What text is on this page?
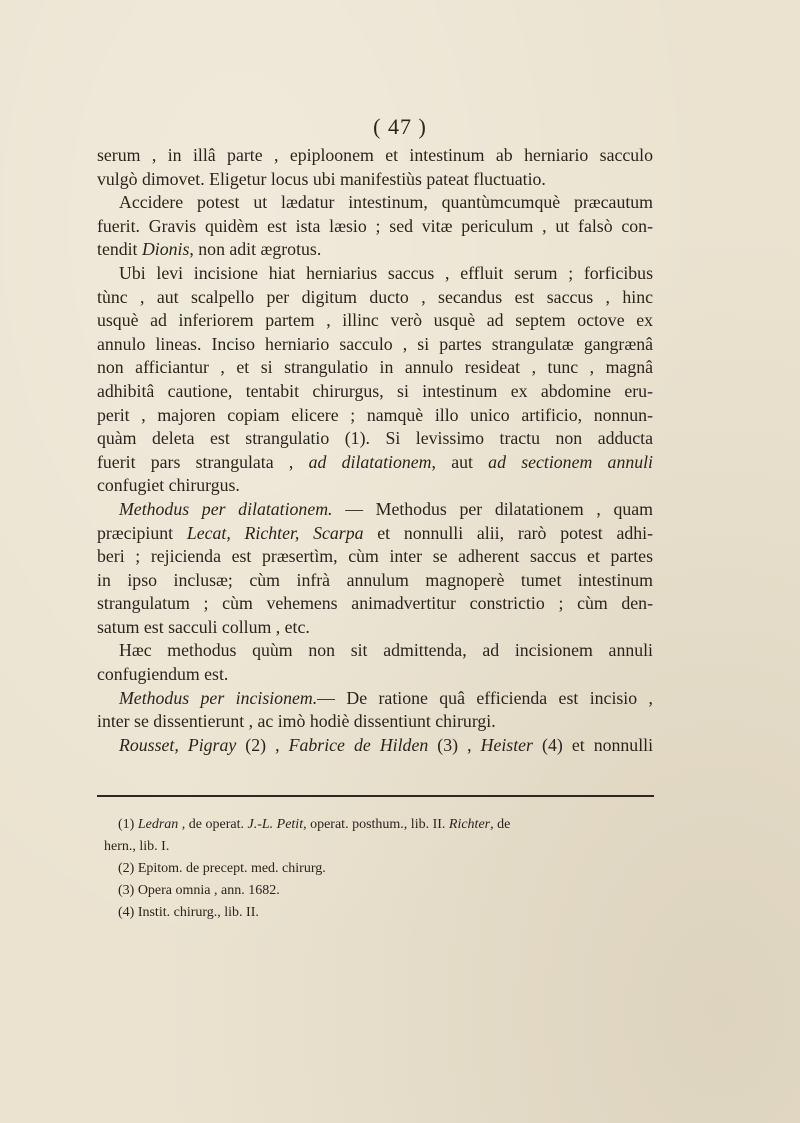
( 47 )
serum , in illâ parte , epiploonem et intestinum ab herniario sacculo
vulgò dimovet. Eligetur locus ubi manifestiùs pateat fluctuatio.
Accidere potest ut lædatur intestinum, quantùmcumquè præcautum
fuerit. Gravis quidèm est ista læsio ; sed vitæ periculum , ut falsò con-
tendit Dionis, non adit ægrotus.
Ubi levi incisione hiat herniarius saccus , effluit serum ; forficibus
tùnc , aut scalpello per digitum ducto , secandus est saccus , hinc
usquè ad inferiorem partem , illinc verò usquè ad septem octove ex
annulo lineas. Inciso herniario sacculo , si partes strangulatæ gangrænâ
non afficiantur , et si strangulatio in annulo resideat , tunc , magnâ
adhibitâ cautione, tentabit chirurgus, si intestinum ex abdomine eru-
perit , majoren copiam elicere ; namquè illo unico artificio, nonnun-
quàm deleta est strangulatio (1). Si levissimo tractu non adducta
fuerit pars strangulata , ad dilatationem, aut ad sectionem annuli
confugiet chirurgus.
Methodus per dilatationem. — Methodus per dilatationem , quam
præcipiunt Lecat, Richter, Scarpa et nonnulli alii, rarò potest adhi-
beri ; rejicienda est præsertìm, cùm inter se adherent saccus et partes
in ipso inclusæ; cùm infrà annulum magnoperè tumet intestinum
strangulatum ; cùm vehemens animadvertitur constrictio ; cùm den-
satum est sacculi collum , etc.
Hæc methodus quùm non sit admittenda, ad incisionem annuli
confugiendum est.
Methodus per incisionem.— De ratione quâ efficienda est incisio ,
inter se dissentierunt , ac imò hodiè dissentiunt chirurgi.
Rousset, Pigray (2) , Fabrice de Hilden (3) , Heister (4) et nonnulli
(1) Ledran , de operat. J.-L. Petit, operat. posthum., lib. II. Richter, de
hern., lib. I.
(2) Epitom. de precept. med. chirurg.
(3) Opera omnia , ann. 1682.
(4) Instit. chirurg., lib. II.
